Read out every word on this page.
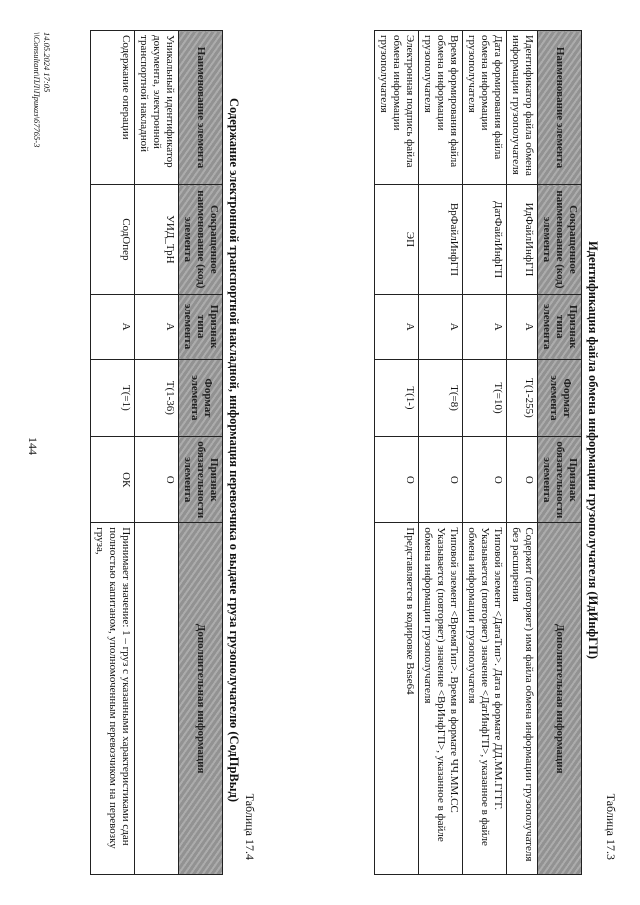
144
Таблица 17.3
Идентификация файла обмена информации грузополучателя (ИдИнфГП)
Наименование элемента	Сокращенное наименование (код) элемента	Признак типа элемента	Формат элемента	Признак обязательности элемента	Дополнительная информация
Идентификатор файла обмена информации грузополучателя	ИдФайлИнфГП	А	Т(1-255)	О	Содержит (повторяет) имя файла обмена информации грузополучателя без расширения
Дата формирования файла обмена информации грузополучателя	ДатФайлИнфГП	А	Т(=10)	О	Типовой элемент <ДатаТип>. Дата в формате ДД.ММ.ГГГГ. Указывается (повторяет) значение <ДатИнфГП>, указанное в файле обмена информации грузополучателя
Время формирования файла обмена информации грузополучателя	ВрФайлИнфГП	А	Т(=8)	О	Типовой элемент <ВремяТип>. Время в формате ЧЧ.ММ.СС Указывается (повторяет) значение <ВрИнфГП>, указанное в файле обмена информации грузополучателя
Электронная подпись файла обмена информации грузополучателя	ЭП	А	Т(1-)	О	Представляется в кодировке Base64
Таблица 17.4
Содержание электронной транспортной накладной, информация перевозчика о выдаче груза грузополучателю (СодПрВыд)
Наименование элемента	Сокращенное наименование (код) элемента	Признак типа элемента	Формат элемента	Признак обязательности элемента	Дополнительная информация
Уникальный идентификатор документа, электронной транспортной накладной	УИД_ТрН	А	Т(1-36)	О	
Содержание операции	СодОпер	А	Т(=1)	ОК	Принимает значение: 1 – груз с указанными характеристиками сдан полностью капитаном, уполномоченным перевозчиком на перевозку груза,
14.05.2024 17:05
\\Consultant\ПЛ\Приказ\67765-3
